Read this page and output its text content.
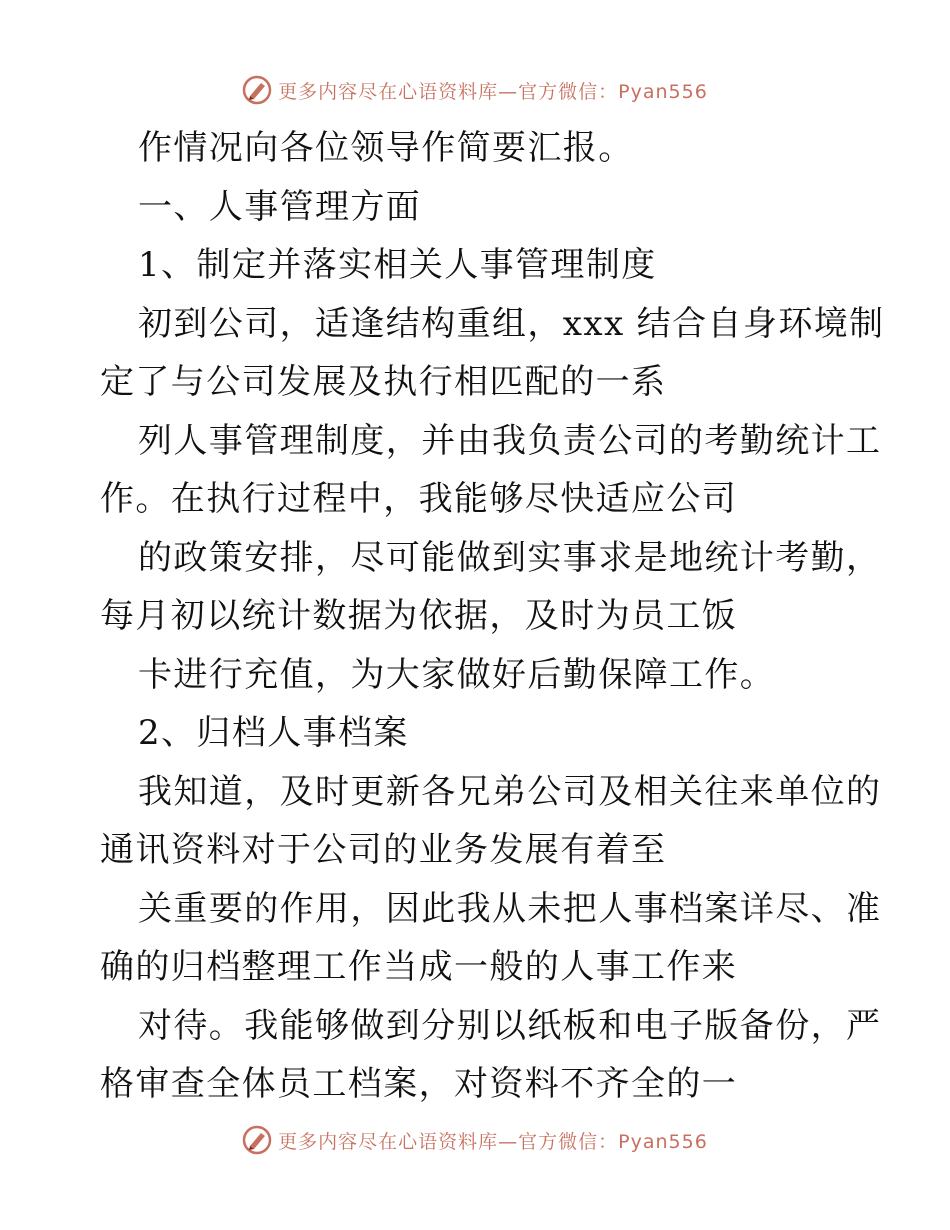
更多内容尽在心语资料库—官方微信：Pyan556
作情况向各位领导作简要汇报。
一、人事管理方面
1、制定并落实相关人事管理制度
初到公司，适逢结构重组，xxx 结合自身环境制
定了与公司发展及执行相匹配的一系
列人事管理制度，并由我负责公司的考勤统计工
作。在执行过程中，我能够尽快适应公司
的政策安排，尽可能做到实事求是地统计考勤，
每月初以统计数据为依据，及时为员工饭
卡进行充值，为大家做好后勤保障工作。
2、归档人事档案
我知道，及时更新各兄弟公司及相关往来单位的
通讯资料对于公司的业务发展有着至
关重要的作用，因此我从未把人事档案详尽、准
确的归档整理工作当成一般的人事工作来
对待。我能够做到分别以纸板和电子版备份，严
格审查全体员工档案，对资料不齐全的一
更多内容尽在心语资料库—官方微信：Pyan556
